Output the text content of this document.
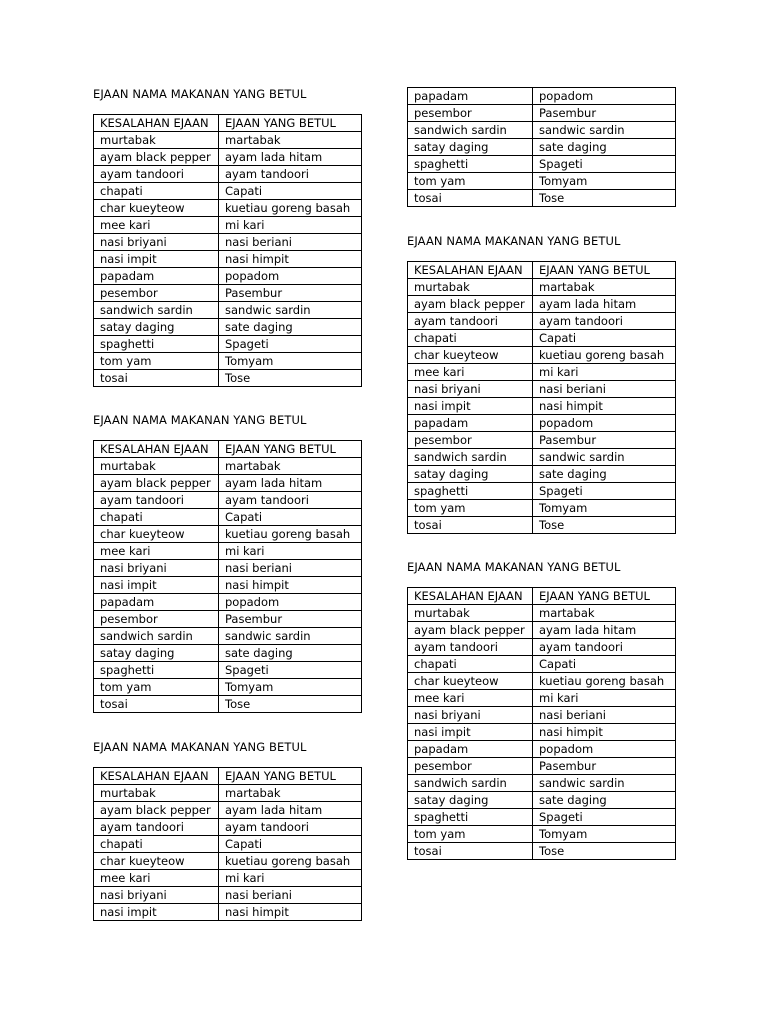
papadam	popadom
pesembor	Pasembur
sandwich sardin	sandwic sardin
satay daging	sate daging
spaghetti	Spageti
tom yam	Tomyam
tosai	Tose
EJAAN NAMA MAKANAN YANG BETUL
KESALAHAN EJAAN	EJAAN YANG BETUL
murtabak	martabak
ayam black pepper	ayam lada hitam
ayam tandoori	ayam tandoori
chapati	Capati
char kueyteow	kuetiau goreng basah
mee kari	mi kari
nasi briyani	nasi beriani
nasi impit	nasi himpit
papadam	popadom
pesembor	Pasembur
sandwich sardin	sandwic sardin
satay daging	sate daging
spaghetti	Spageti
tom yam	Tomyam
tosai	Tose
EJAAN NAMA MAKANAN YANG BETUL
KESALAHAN EJAAN	EJAAN YANG BETUL
murtabak	martabak
ayam black pepper	ayam lada hitam
ayam tandoori	ayam tandoori
chapati	Capati
char kueyteow	kuetiau goreng basah
mee kari	mi kari
nasi briyani	nasi beriani
nasi impit	nasi himpit
papadam	popadom
pesembor	Pasembur
sandwich sardin	sandwic sardin
satay daging	sate daging
spaghetti	Spageti
tom yam	Tomyam
tosai	Tose
EJAAN NAMA MAKANAN YANG BETUL
KESALAHAN EJAAN	EJAAN YANG BETUL
murtabak	martabak
ayam black pepper	ayam lada hitam
ayam tandoori	ayam tandoori
chapati	Capati
char kueyteow	kuetiau goreng basah
mee kari	mi kari
nasi briyani	nasi beriani
nasi impit	nasi himpit
EJAAN NAMA MAKANAN YANG BETUL
KESALAHAN EJAAN	EJAAN YANG BETUL
murtabak	martabak
ayam black pepper	ayam lada hitam
ayam tandoori	ayam tandoori
chapati	Capati
char kueyteow	kuetiau goreng basah
mee kari	mi kari
nasi briyani	nasi beriani
nasi impit	nasi himpit
papadam	popadom
pesembor	Pasembur
sandwich sardin	sandwic sardin
satay daging	sate daging
spaghetti	Spageti
tom yam	Tomyam
tosai	Tose
EJAAN NAMA MAKANAN YANG BETUL
KESALAHAN EJAAN	EJAAN YANG BETUL
murtabak	martabak
ayam black pepper	ayam lada hitam
ayam tandoori	ayam tandoori
chapati	Capati
char kueyteow	kuetiau goreng basah
mee kari	mi kari
nasi briyani	nasi beriani
nasi impit	nasi himpit
papadam	popadom
pesembor	Pasembur
sandwich sardin	sandwic sardin
satay daging	sate daging
spaghetti	Spageti
tom yam	Tomyam
tosai	Tose
